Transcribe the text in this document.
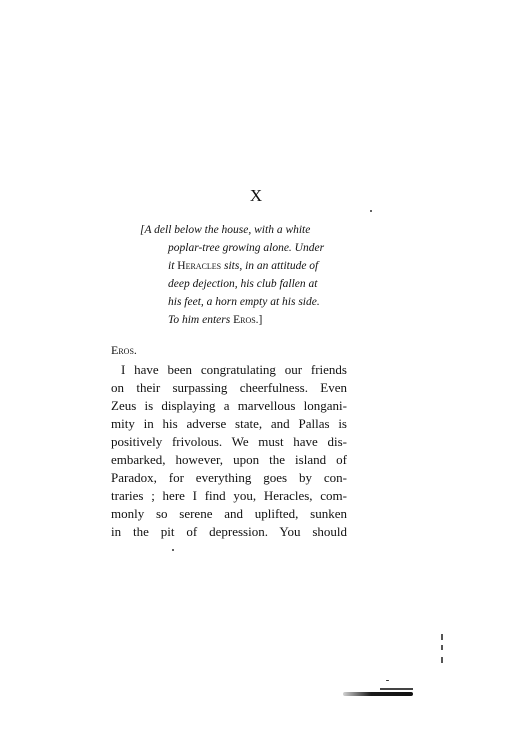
X
[A dell below the house, with a white
poplar-tree growing alone. Under
it Heracles sits, in an attitude of
deep dejection, his club fallen at
his feet, a horn empty at his side.
To him enters Eros.]
Eros.
I have been congratulating our friends
on their surpassing cheerfulness. Even
Zeus is displaying a marvellous longani-
mity in his adverse state, and Pallas is
positively frivolous. We must have dis-
embarked, however, upon the island of
Paradox, for everything goes by con-
traries ; here I find you, Heracles, com-
monly so serene and uplifted, sunken
in the pit of depression. You should
